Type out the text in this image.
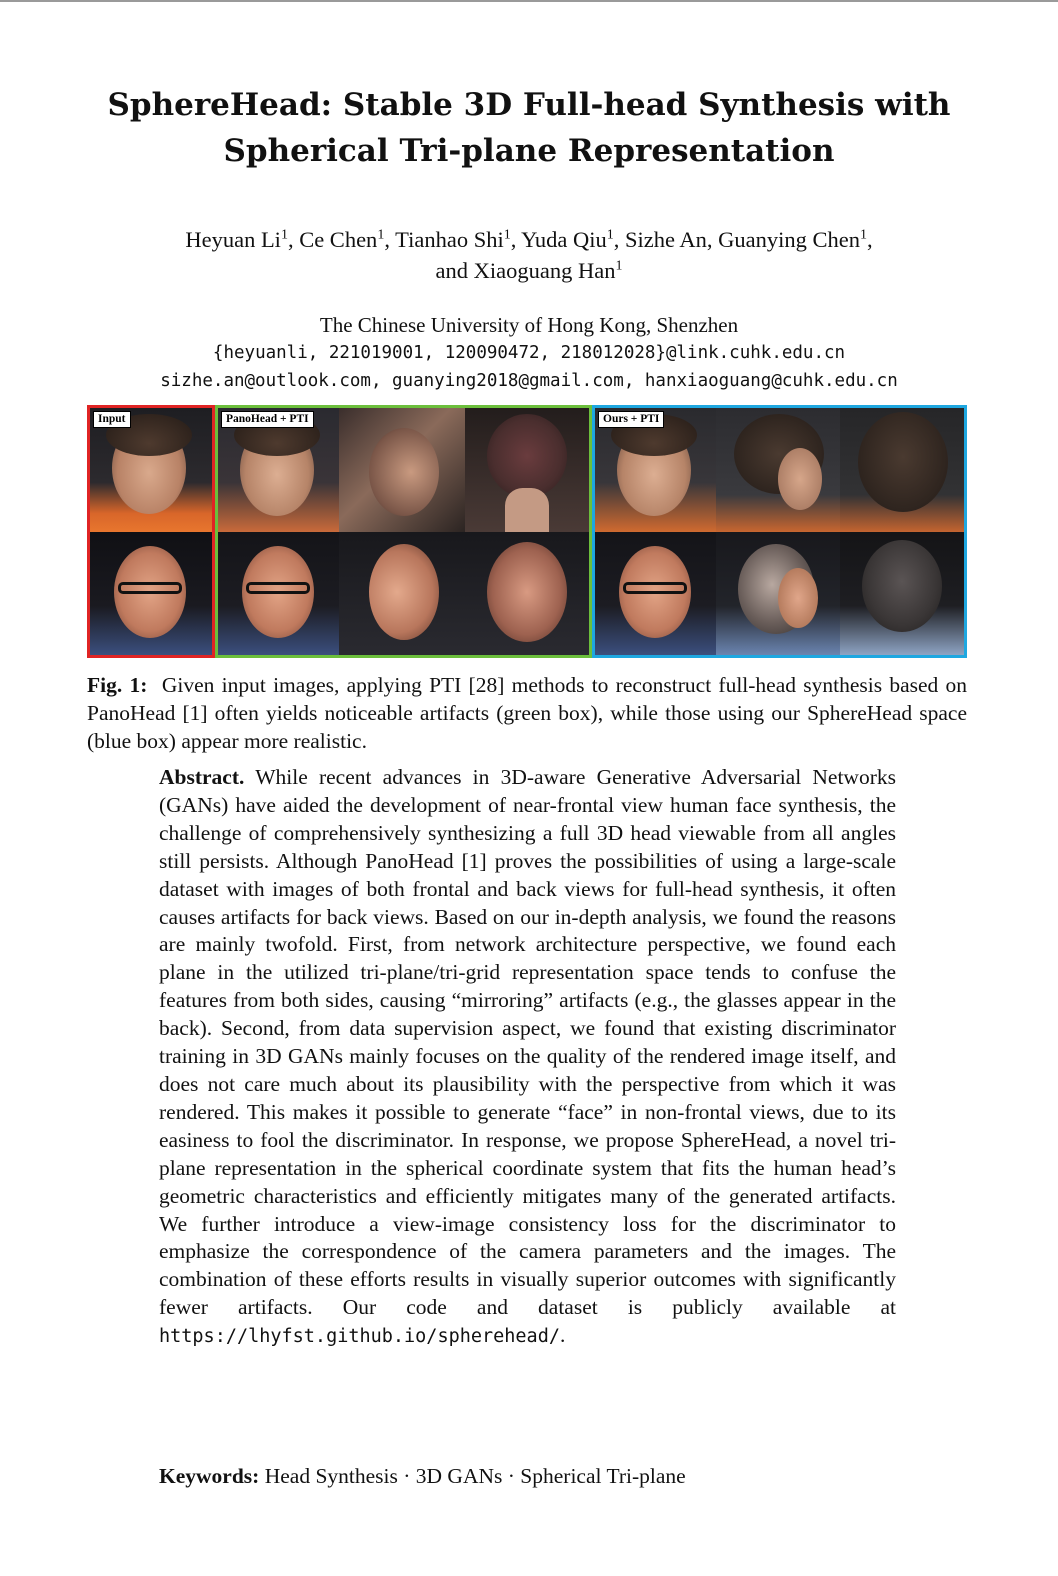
SphereHead: Stable 3D Full-head Synthesis with
Spherical Tri-plane Representation
Heyuan Li$^1$, Ce Chen$^1$, Tianhao Shi$^1$, Yuda Qiu$^1$, Sizhe An, Guanying Chen$^1$,
and Xiaoguang Han$^1$
The Chinese University of Hong Kong, Shenzhen
{heyuanli, 221019001, 120090472, 218012028}@link.cuhk.edu.cn
sizhe.an@outlook.com, guanying2018@gmail.com, hanxiaoguang@cuhk.edu.cn
Input	PanoHead + PTI	Ours + PTI
Fig. 1: Given input images, applying PTI [28] methods to reconstruct full-head synthesis based on PanoHead [1] often yields noticeable artifacts (green box), while those using our SphereHead space (blue box) appear more realistic.
Abstract. While recent advances in 3D-aware Generative Adversarial Networks (GANs) have aided the development of near-frontal view human face synthesis, the challenge of comprehensively synthesizing a full 3D head viewable from all angles still persists. Although PanoHead [1] proves the possibilities of using a large-scale dataset with images of both frontal and back views for full-head synthesis, it often causes artifacts for back views. Based on our in-depth analysis, we found the reasons are mainly twofold. First, from network architecture perspective, we found each plane in the utilized tri-plane/tri-grid representation space tends to confuse the features from both sides, causing “mirroring” artifacts (e.g., the glasses appear in the back). Second, from data supervision aspect, we found that existing discriminator training in 3D GANs mainly focuses on the quality of the rendered image itself, and does not care much about its plausibility with the perspective from which it was rendered. This makes it possible to generate “face” in non-frontal views, due to its easiness to fool the discriminator. In response, we propose SphereHead, a novel tri-plane representation in the spherical coordinate system that fits the human head’s geometric characteristics and efficiently mitigates many of the generated artifacts. We further introduce a view-image consistency loss for the discriminator to emphasize the correspondence of the camera parameters and the images. The combination of these efforts results in visually superior outcomes with significantly fewer artifacts. Our code and dataset is publicly available at https://lhyfst.github.io/spherehead/.
Keywords: Head Synthesis · 3D GANs · Spherical Tri-plane
